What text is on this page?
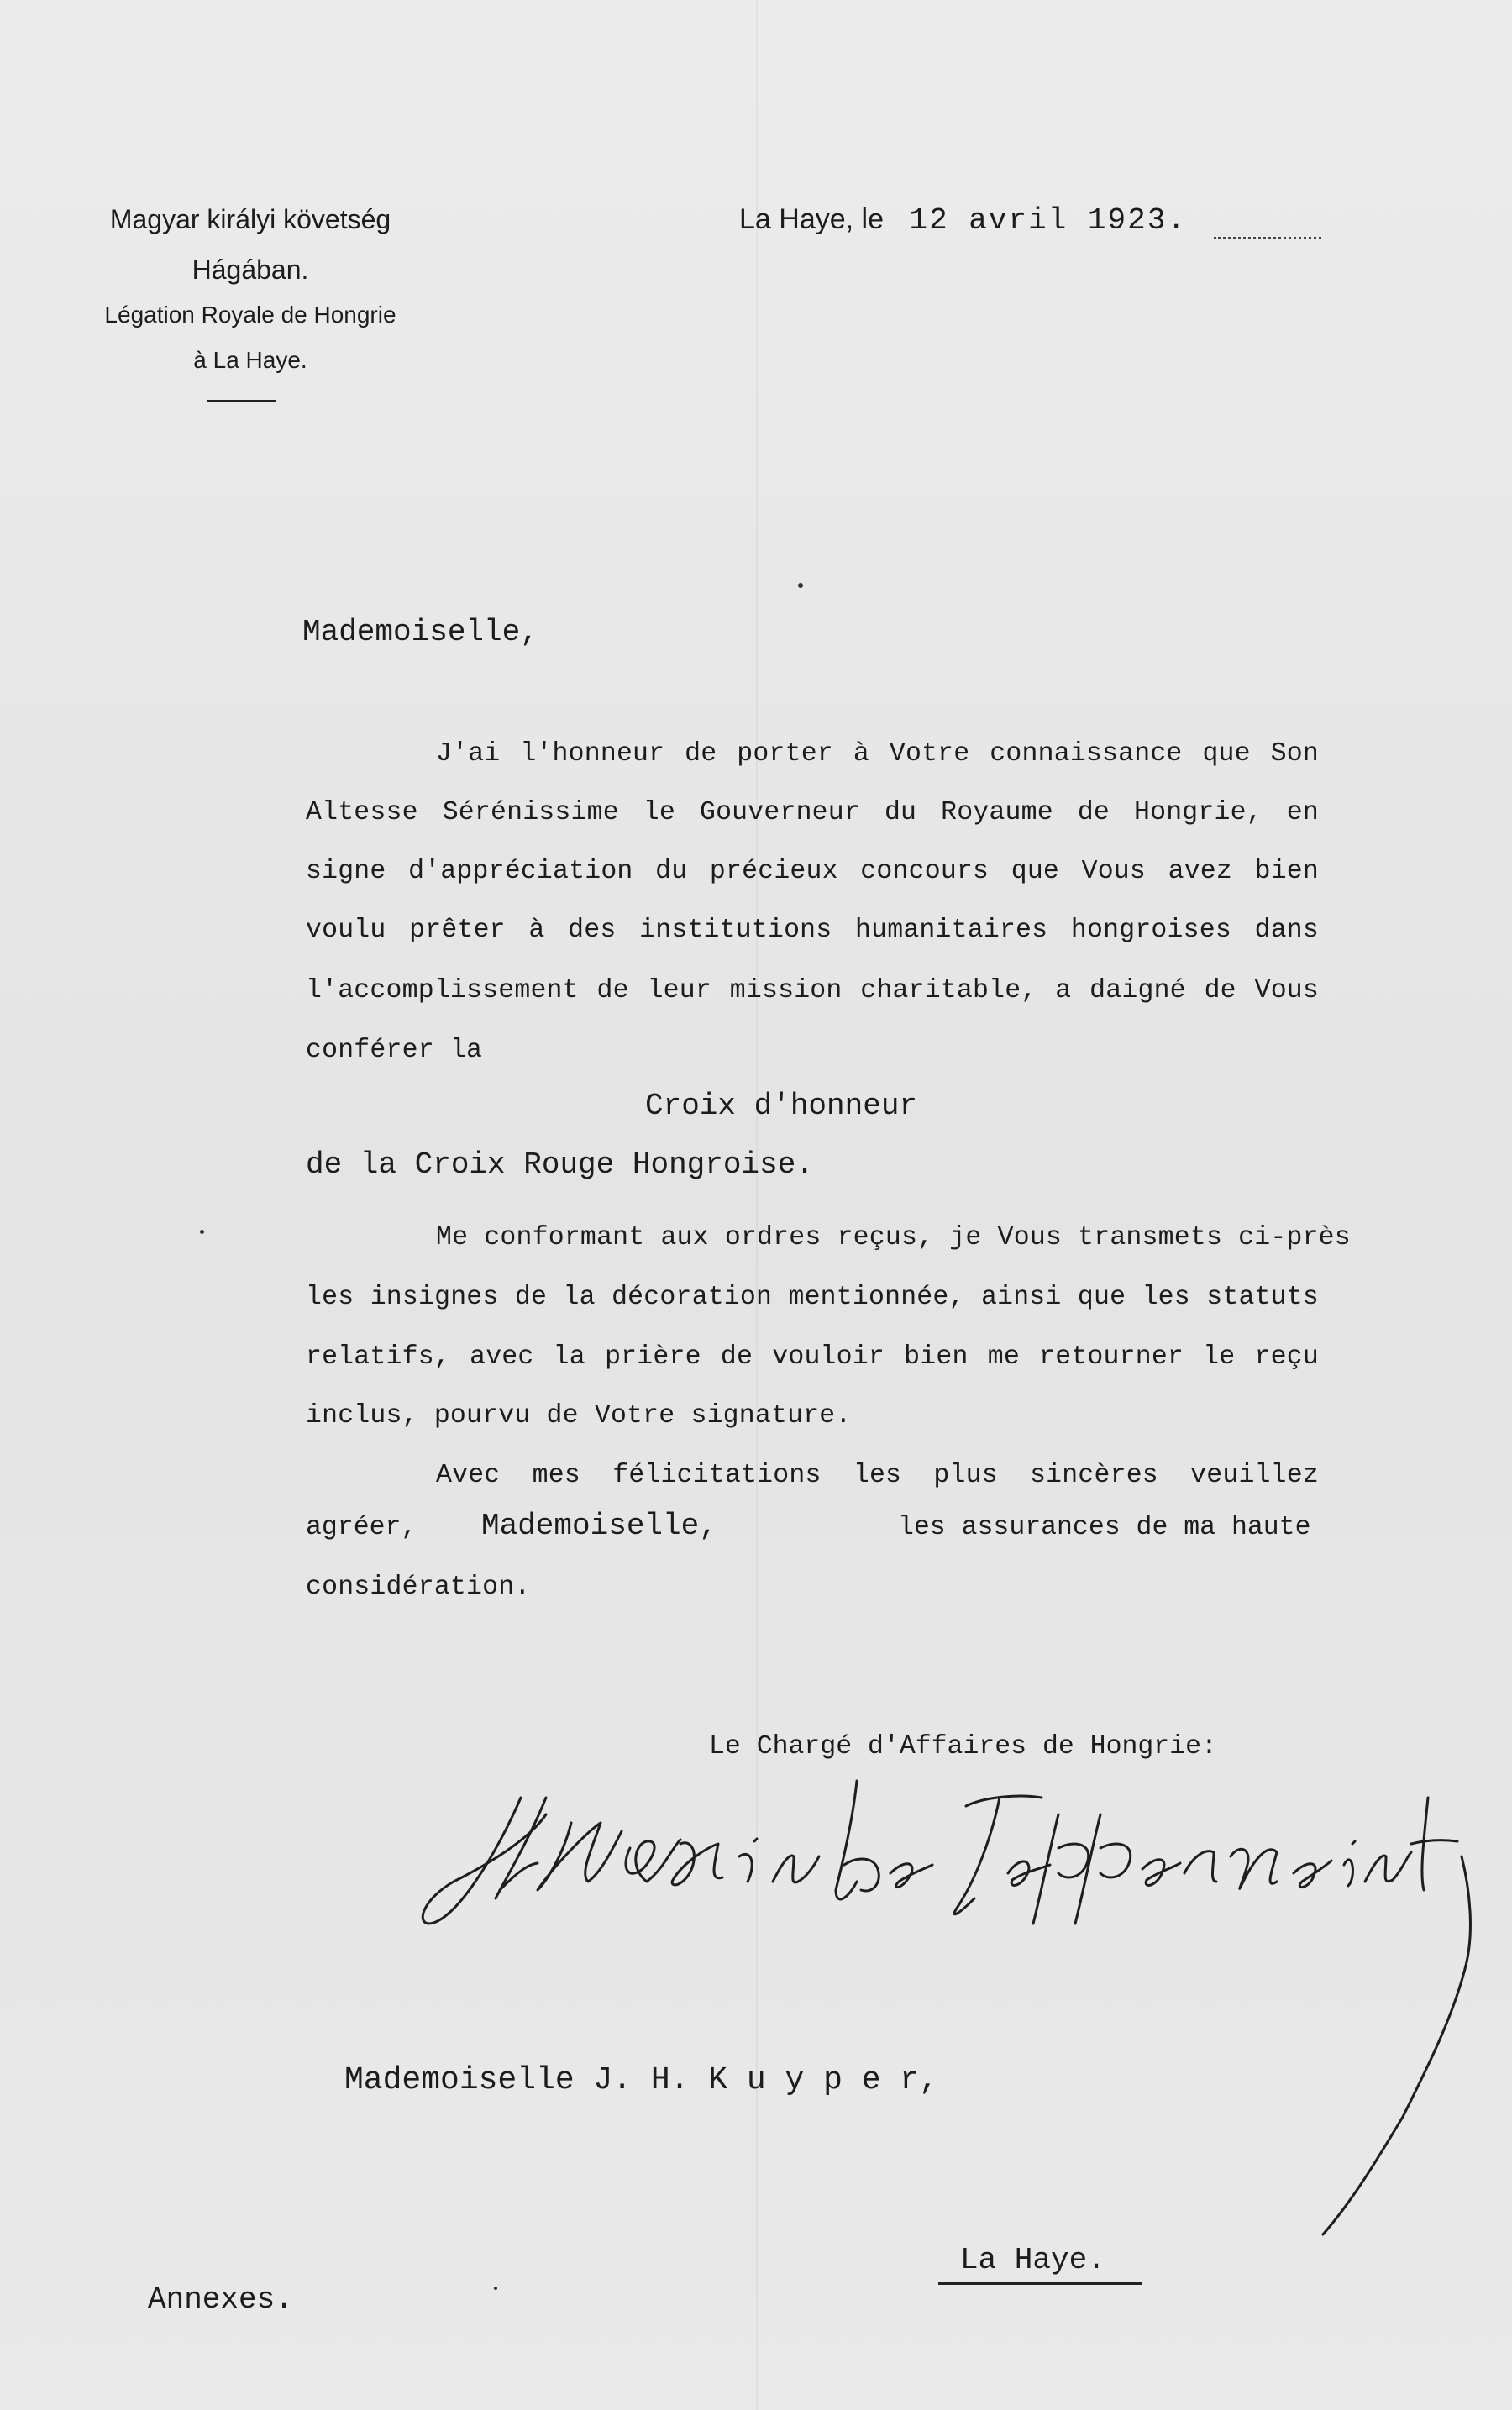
Magyar királyi követség
Hágában.
Légation Royale de Hongrie
à La Haye.
La Haye, le 12 avril 1923.
Mademoiselle,
J'ai l'honneur de porter à Votre connaissance que Son
Altesse Sérénissime le Gouverneur du Royaume de Hongrie, en
signe d'appréciation du précieux concours que Vous avez bien
voulu prêter à des institutions humanitaires hongroises dans
l'accomplissement de leur mission charitable, a daigné de Vous
conférer la
Croix d'honneur
de la Croix Rouge Hongroise.
Me conformant aux ordres reçus, je Vous transmets ci-près
les insignes de la décoration mentionnée, ainsi que les statuts
relatifs, avec la prière de vouloir bien me retourner le reçu
inclus, pourvu de Votre signature.
Avec mes félicitations les plus sincères veuillez
agréer, Mademoiselle,	les assurances de ma haute
considération.
Le Chargé d'Affaires de Hongrie:
Mademoiselle J. H. K u y p e r,
La Haye.
Annexes.
